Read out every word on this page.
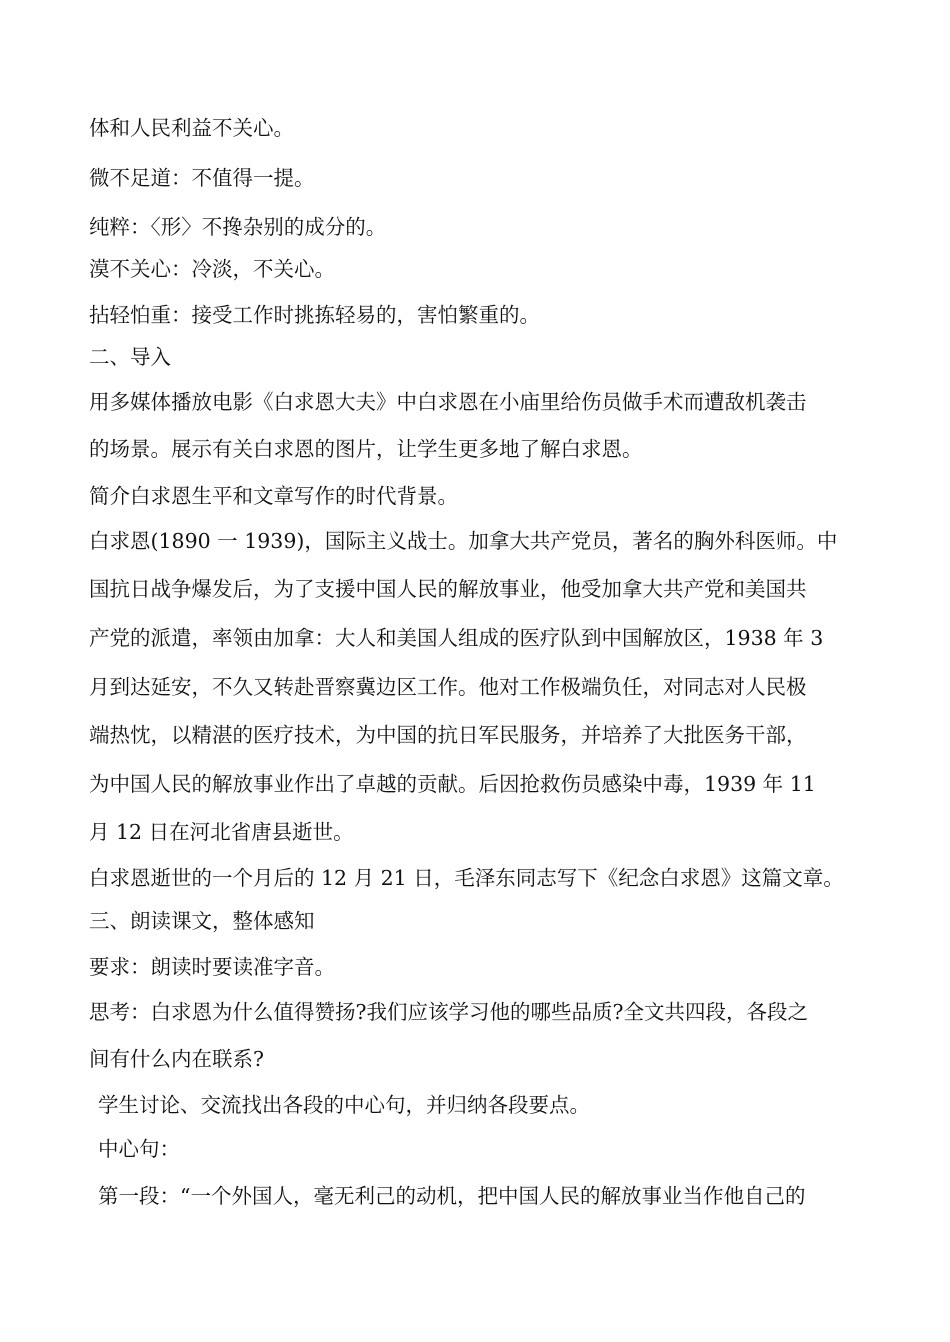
体和人民利益不关心。
微不足道：不值得一提。
纯粹：〈形〉不搀杂别的成分的。
漠不关心：冷淡，不关心。
拈轻怕重：接受工作时挑拣轻易的，害怕繁重的。
二、导入
用多媒体播放电影《白求恩大夫》中白求恩在小庙里给伤员做手术而遭敌机袭击
的场景。展示有关白求恩的图片，让学生更多地了解白求恩。
简介白求恩生平和文章写作的时代背景。
白求恩(1890 一 1939)，国际主义战士。加拿大共产党员，著名的胸外科医师。中
国抗日战争爆发后，为了支援中国人民的解放事业，他受加拿大共产党和美国共
产党的派遣，率领由加拿：大人和美国人组成的医疗队到中国解放区，1938 年 3
月到达延安，不久又转赴晋察冀边区工作。他对工作极端负任，对同志对人民极
端热忱，以精湛的医疗技术，为中国的抗日军民服务，并培养了大批医务干部，
为中国人民的解放事业作出了卓越的贡献。后因抢救伤员感染中毒，1939 年 11
月 12 日在河北省唐县逝世。
白求恩逝世的一个月后的 12 月 21 日，毛泽东同志写下《纪念白求恩》这篇文章。
三、朗读课文，整体感知
要求：朗读时要读准字音。
思考：白求恩为什么值得赞扬?我们应该学习他的哪些品质?全文共四段，各段之
间有什么内在联系?
学生讨论、交流找出各段的中心句，并归纳各段要点。
中心句：
第一段：“一个外国人，毫无利己的动机，把中国人民的解放事业当作他自己的
